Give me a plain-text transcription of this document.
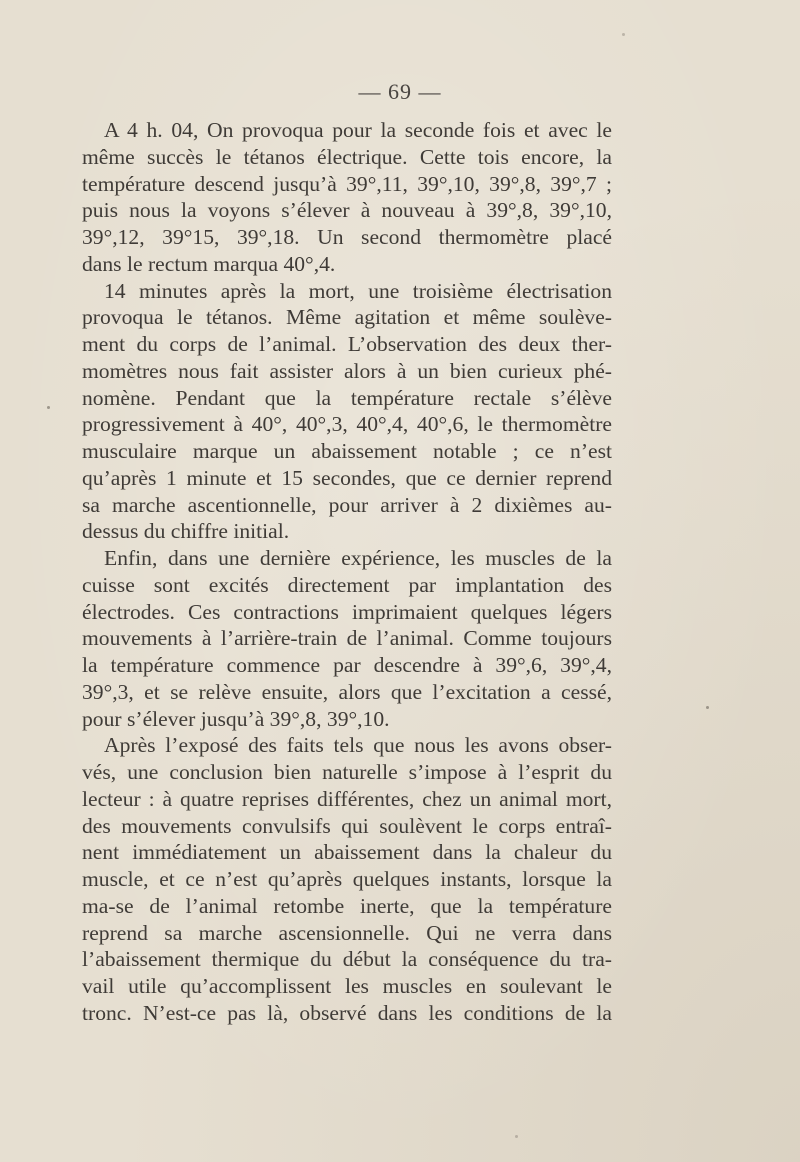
— 69 —

A 4 h. 04, On provoqua pour la seconde fois et avec le

même succès le tétanos électrique. Cette tois encore, la

température descend jusqu’à 39°,11, 39°,10, 39°,8, 39°,7 ;

puis nous la voyons s’élever à nouveau à 39°,8, 39°,10,

39°,12, 39°15, 39°,18. Un second thermomètre placé

dans le rectum marqua 40°,4.

14 minutes après la mort, une troisième électrisation

provoqua le tétanos. Même agitation et même soulève-

ment du corps de l’animal. L’observation des deux ther-

momètres nous fait assister alors à un bien curieux phé-

nomène. Pendant que la température rectale s’élève

progressivement à 40°, 40°,3, 40°,4, 40°,6, le thermomètre

musculaire marque un abaissement notable ; ce n’est

qu’après 1 minute et 15 secondes, que ce dernier reprend

sa marche ascentionnelle, pour arriver à 2 dixièmes au-

dessus du chiffre initial.

Enfin, dans une dernière expérience, les muscles de la

cuisse sont excités directement par implantation des

électrodes. Ces contractions imprimaient quelques légers

mouvements à l’arrière-train de l’animal. Comme toujours

la température commence par descendre à 39°,6, 39°,4,

39°,3, et se relève ensuite, alors que l’excitation a cessé,

pour s’élever jusqu’à 39°,8, 39°,10.

Après l’exposé des faits tels que nous les avons obser-

vés, une conclusion bien naturelle s’impose à l’esprit du

lecteur : à quatre reprises différentes, chez un animal mort,

des mouvements convulsifs qui soulèvent le corps entraî-

nent immédiatement un abaissement dans la chaleur du

muscle, et ce n’est qu’après quelques instants, lorsque la

ma-se de l’animal retombe inerte, que la température

reprend sa marche ascensionnelle. Qui ne verra dans

l’abaissement thermique du début la conséquence du tra-

vail utile qu’accomplissent les muscles en soulevant le

tronc. N’est-ce pas là, observé dans les conditions de la
